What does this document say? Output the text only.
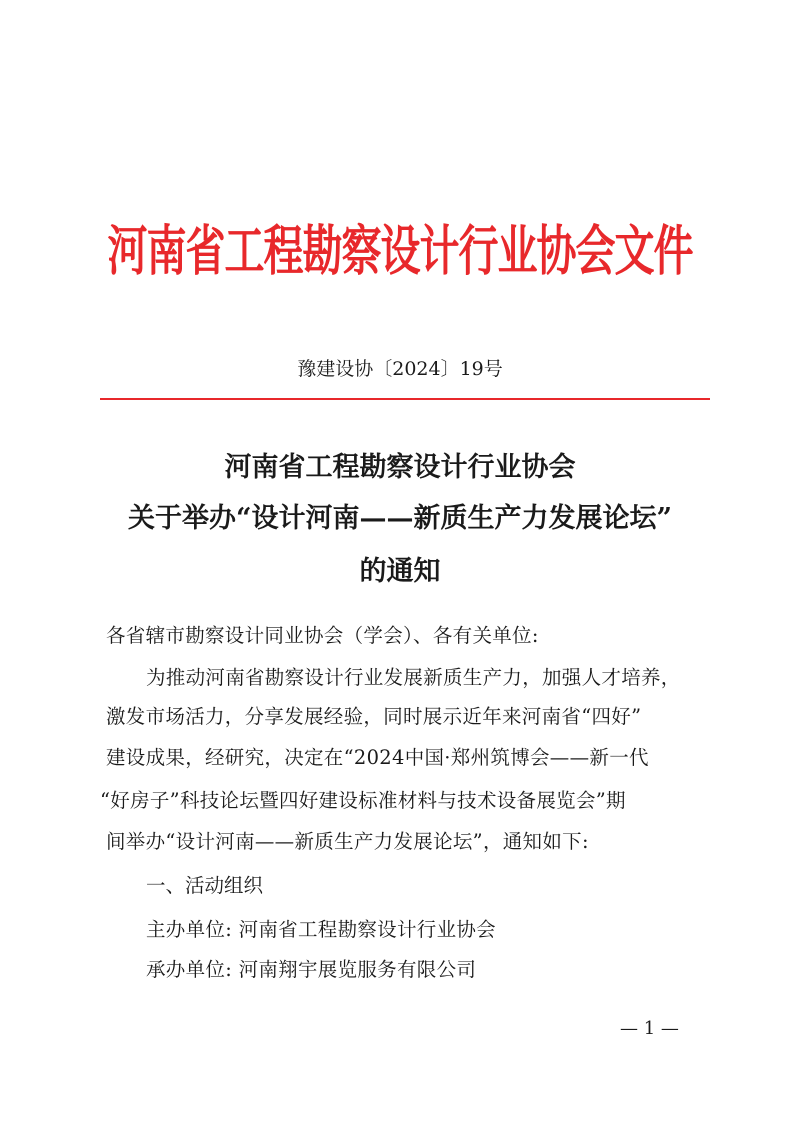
河南省工程勘察设计行业协会文件
豫建设协〔2024〕19号
河南省工程勘察设计行业协会
关于举办“设计河南——新质生产力发展论坛”
的通知
各省辖市勘察设计同业协会（学会）、各有关单位:
为推动河南省勘察设计行业发展新质生产力，加强人才培养，
激发市场活力，分享发展经验，同时展示近年来河南省“四好”
建设成果，经研究，决定在“2024中国·郑州筑博会——新一代
“好房子”科技论坛暨四好建设标准材料与技术设备展览会”期
间举办“设计河南——新质生产力发展论坛”，通知如下:
一、活动组织
主办单位: 河南省工程勘察设计行业协会
承办单位: 河南翔宇展览服务有限公司
— 1 —
